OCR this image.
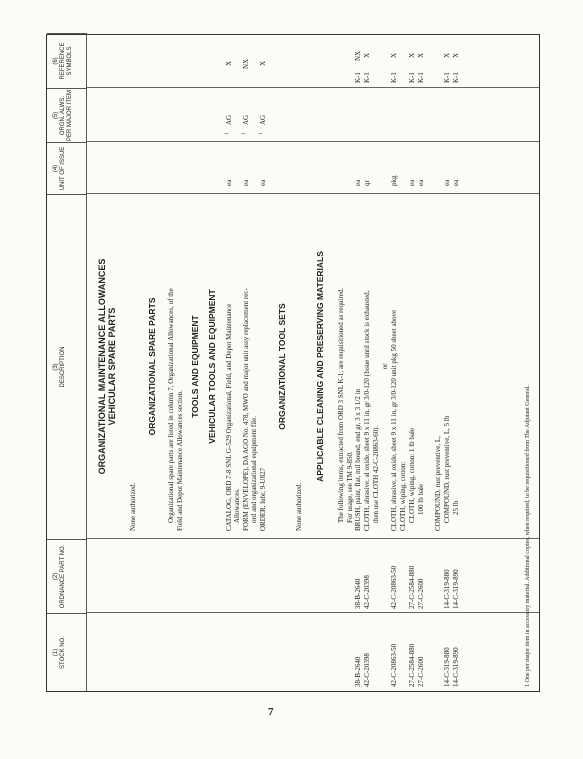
(1) STOCK NO.
(2) ORDNANCE PART NO.
(3) DESCRIPTION
(4) UNIT OF ISSUE
(5) ORGN. ALWS. PER MAJOR ITEM
(6) REFERENCE SYMBOLS
ORGANIZATIONAL MAINTENANCE ALLOWANCES VEHICULAR SPARE PARTS
None authorized.
ORGANIZATIONAL SPARE PARTS Organizational spare parts are listed in column 7, Organizational Allowances, of the Field and Depot Maintenance Allowances section.
TOOLS AND EQUIPMENT VEHICULAR TOOLS AND EQUIPMENT CATALOG, ORD 7-8 SNL G-529 Organizational, Field, and Depot Maintenance Allowances.
ea
1
AG
X
FORM (ENVELOPE), DA AGO No. 478, MWO and major unit assy replacement rec- ord and organizational equipment file.
ea
1
AG
NX
ORDER, lubr, 9-U827
ea
1
AG
X
ORGANIZATIONAL TOOL SETS
None authorized.
APPLICABLE CLEANING AND PRESERVING MATERIALS The following items, extracted from ORD 3 SNL K-1, are requisitioned as required. For usage, see TM 9-850.
38-B-2640
38-B-2640
BRUSH, paint, flat, mil bound, end gr, 3 x 3 1/2 in
ea
K-1
NX
42-C-20398
42-C-20398
CLOTH, abrasive, al oxide, sheet 9 x 11 in, gr 3/0-120 (Issue until stock is exhausted, then use CLOTH 42-C-20863-60).
qr
K-1
X
or
42-C-20863-50
42-C-20863-50
CLOTH, abrasive, al oxide, sheet 9 x 11 in, gr 3/0-120 unit pkg 50 sheet above
pkg
K-1
X
27-C-2584-880
27-C-2584-880
CLOTH, wiping, cotton: CLOTH, wiping, cotton: 1 lb bale
ea
K-1
X
27-C-2600
27-C-2600
100 lb bale
ea
K-1
X
14-C-319-880
14-C-319-880
COMPOUND, rust preventive, L, COMPOUND, rust preventive, L, 5 lb
ea
K-1
X
14-C-319-890
14-C-319-890
25 lb
ea
K-1
X
1 One per major item in accessory material. Additional copies, when required, to be requisitioned from The Adjutant General.
7
